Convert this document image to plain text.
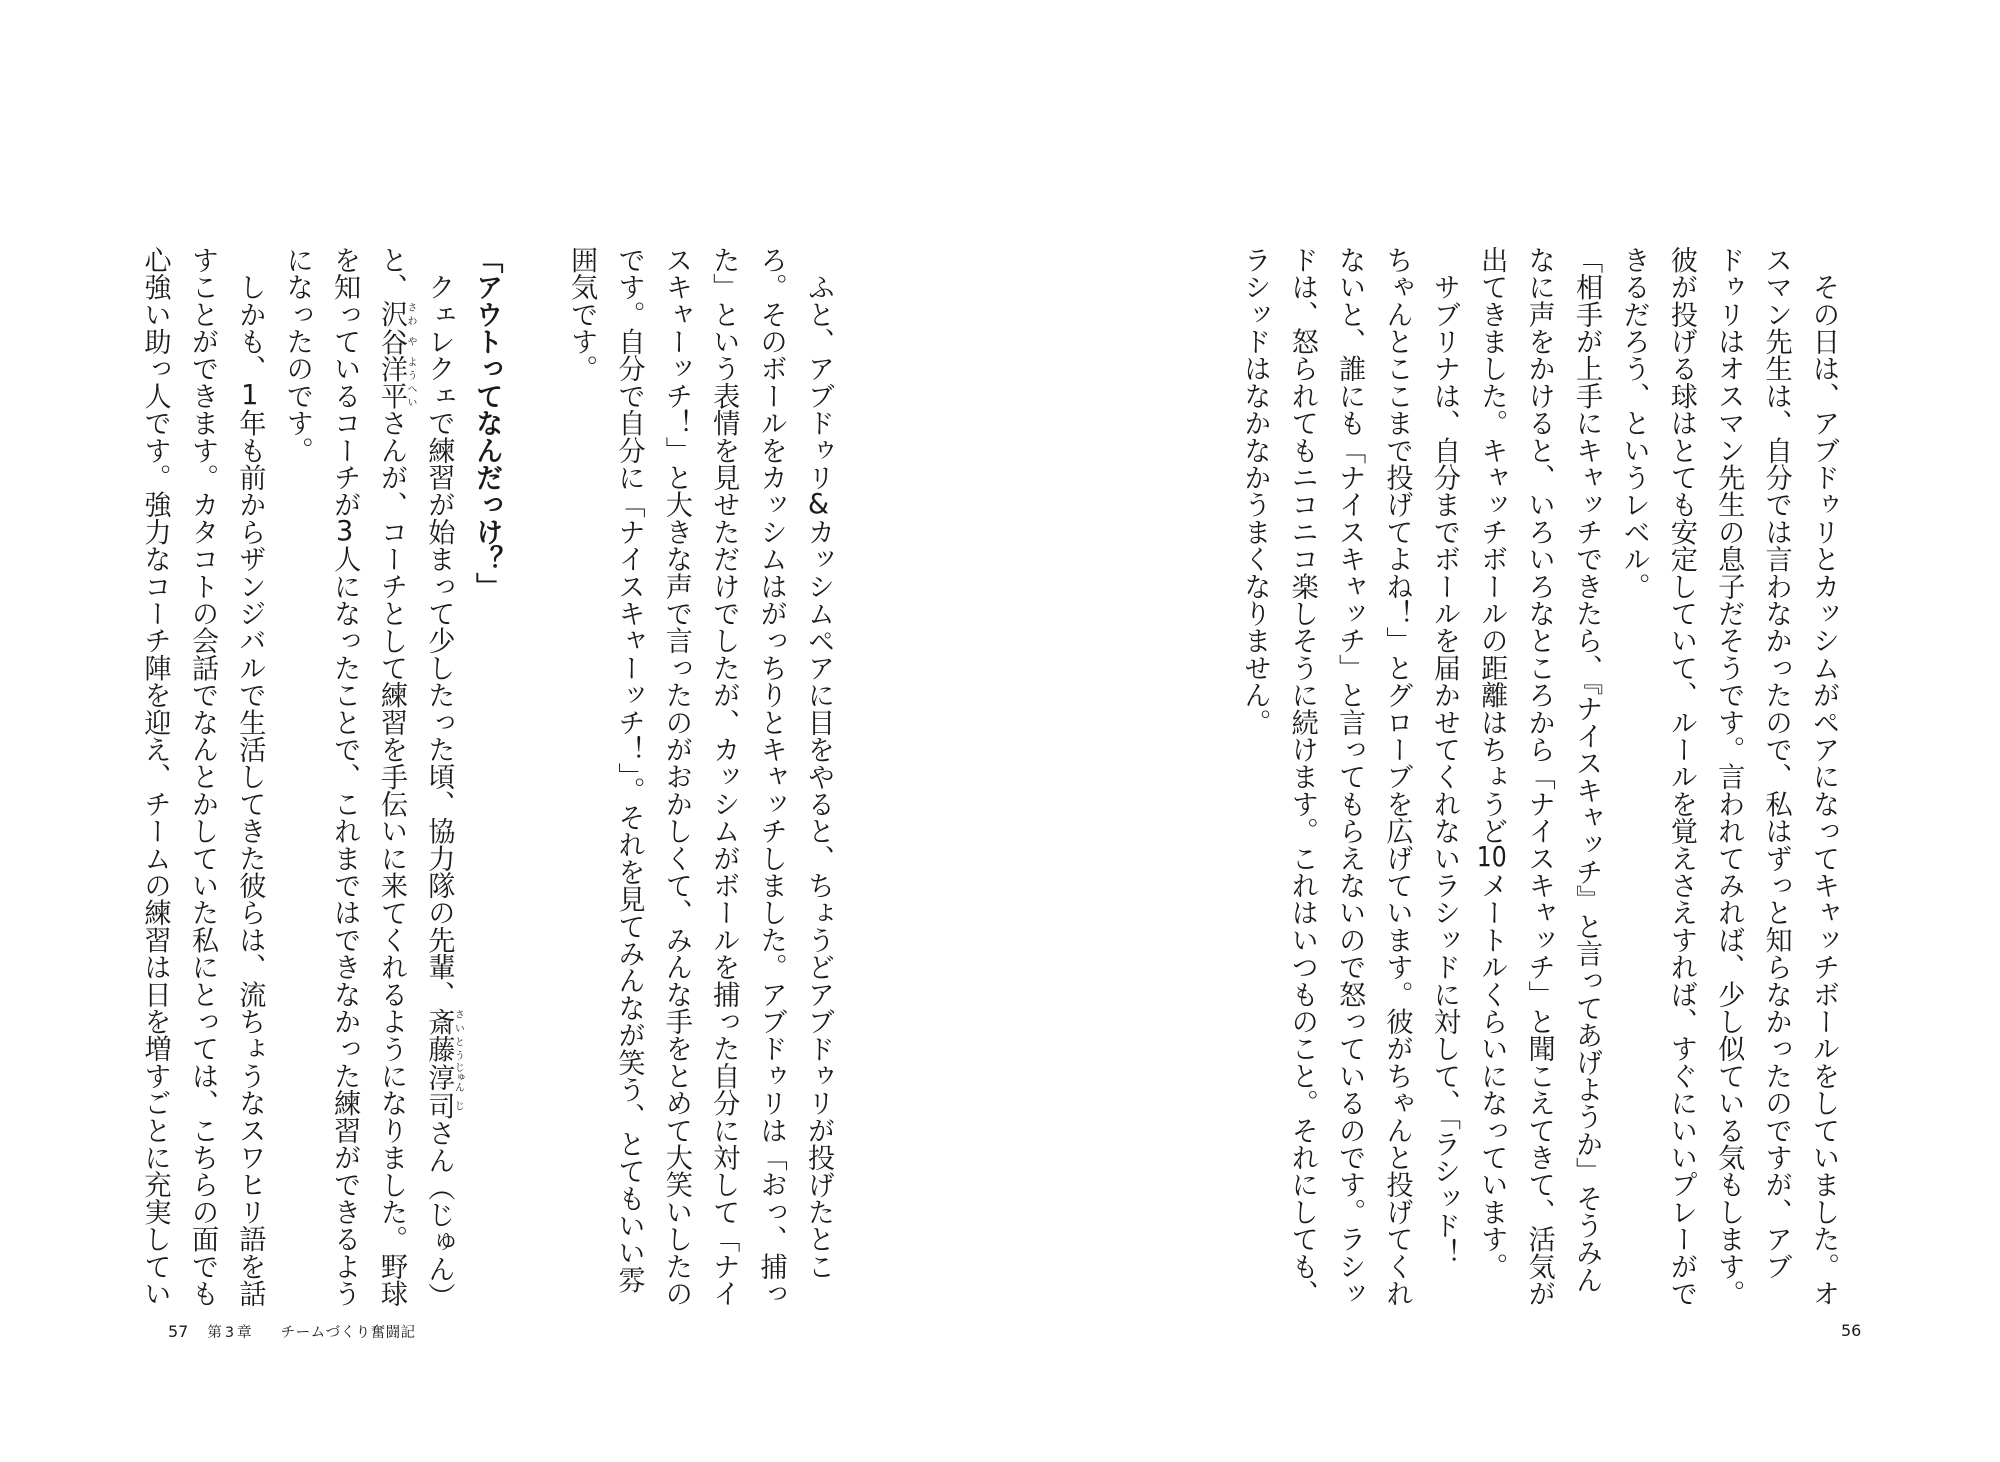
　ふと、アブドゥリ&カッシムペアに目をやると、ちょうどアブドゥリが投げたとこ
ろ。そのボールをカッシムはがっちりとキャッチしました。アブドゥリは「おっ、捕っ
た」という表情を見せただけでしたが、カッシムがボールを捕った自分に対して「ナイ
スキャーッチ！」と大きな声で言ったのがおかしくて、みんな手をとめて大笑いしたの
です。自分で自分に「ナイスキャーッチ！」。それを見てみんなが笑う、とてもいい雰
囲気です。
「アウトってなんだっけ？」
　クェレクェで練習が始まって少したった頃、協力隊の先輩、斎さい藤とう淳じゅん司じさん（じゅん）
と、沢さわ谷や洋よう平へいさんが、コーチとして練習を手伝いに来てくれるようになりました。野球
を知っているコーチが3人になったことで、これまではできなかった練習ができるよう
になったのです。
　しかも、1年も前からザンジバルで生活してきた彼らは、流ちょうなスワヒリ語を話
すことができます。カタコトの会話でなんとかしていた私にとっては、こちらの面でも
心強い助っ人です。強力なコーチ陣を迎え、チームの練習は日を増すごとに充実してい
57 第3章 チームづくり奮闘記
　その日は、アブドゥリとカッシムがペアになってキャッチボールをしていました。オ
スマン先生は、自分では言わなかったので、私はずっと知らなかったのですが、アブ
ドゥリはオスマン先生の息子だそうです。言われてみれば、少し似ている気もします。
彼が投げる球はとても安定していて、ルールを覚えさえすれば、すぐにいいプレーがで
きるだろう、というレベル。
「相手が上手にキャッチできたら、『ナイスキャッチ』と言ってあげようか」そうみん
なに声をかけると、いろいろなところから「ナイスキャッチ」と聞こえてきて、活気が
出てきました。キャッチボールの距離はちょうど10メートルくらいになっています。
　サブリナは、自分までボールを届かせてくれないラシッドに対して、「ラシッド！
ちゃんとここまで投げてよね！」とグローブを広げています。彼がちゃんと投げてくれ
ないと、誰にも「ナイスキャッチ」と言ってもらえないので怒っているのです。ラシッ
ドは、怒られてもニコニコ楽しそうに続けます。これはいつものこと。それにしても、
ラシッドはなかなかうまくなりません。
56
